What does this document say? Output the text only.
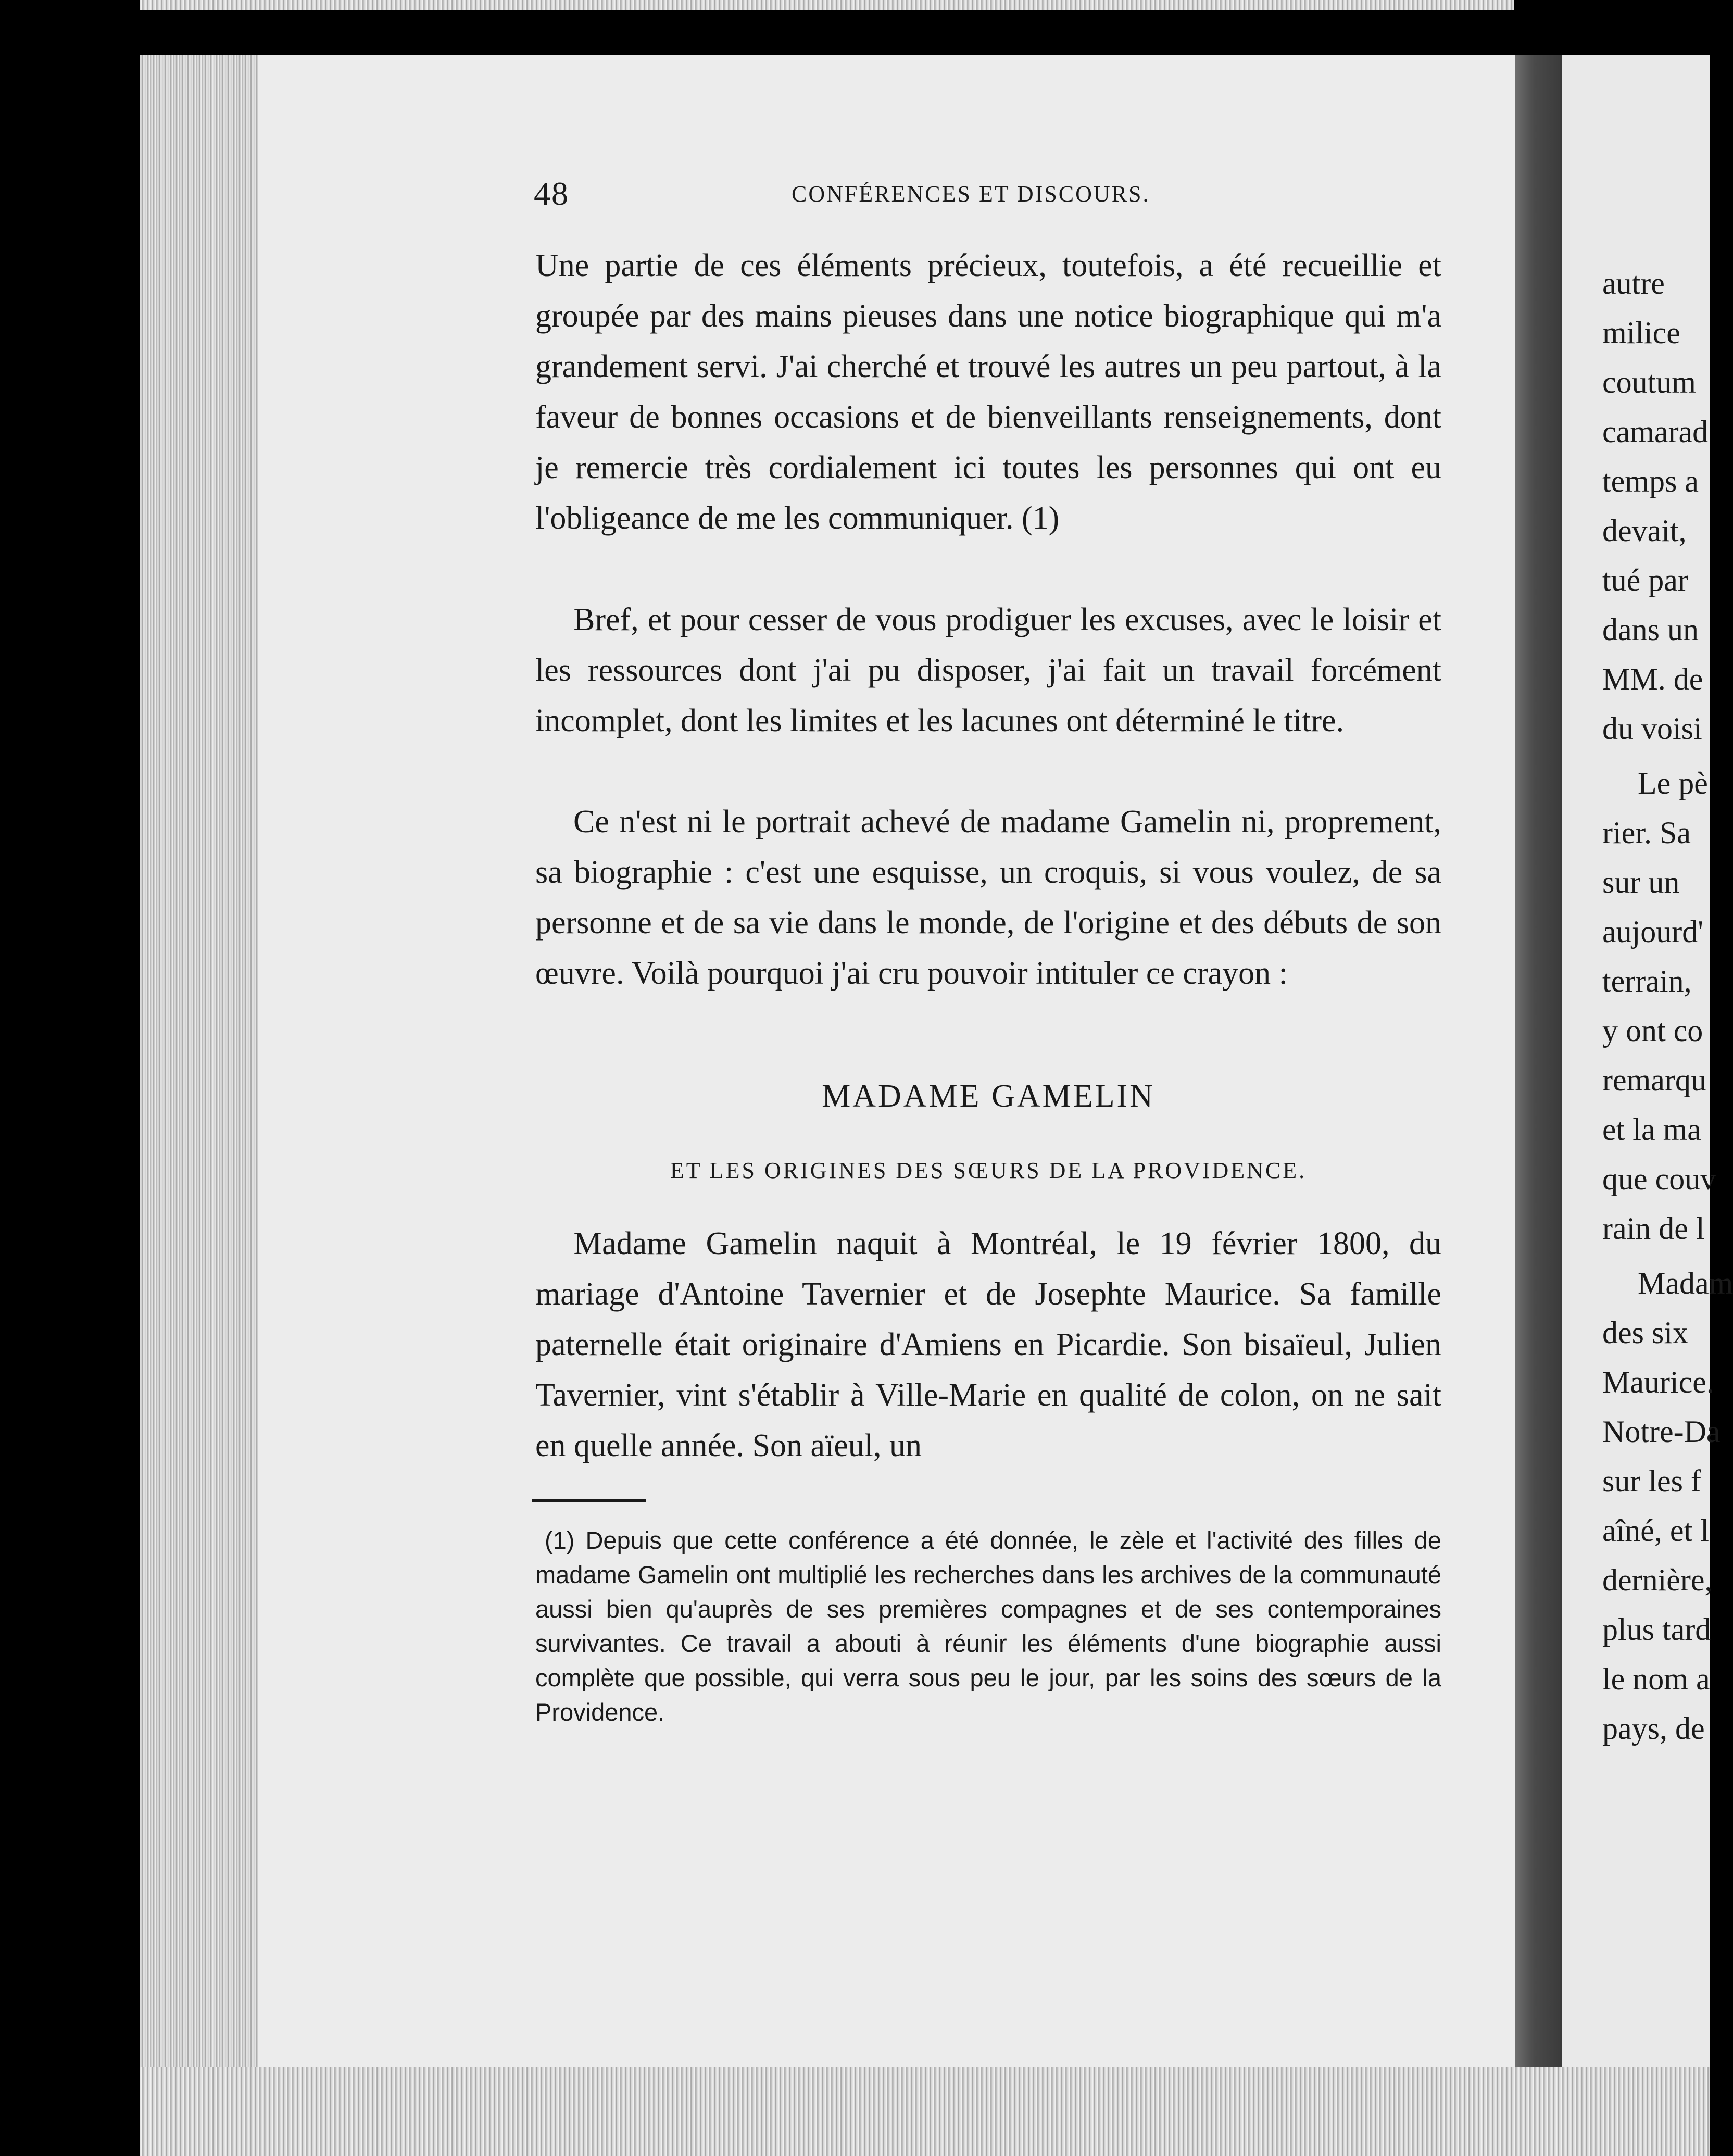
48	CONFÉRENCES ET DISCOURS.

Une partie de ces éléments précieux, toutefois, a été recueillie et groupée par des mains pieuses dans une notice biographique qui m'a grandement servi. J'ai cherché et trouvé les autres un peu partout, à la faveur de bonnes occasions et de bienveillants renseignements, dont je remercie très cordialement ici toutes les personnes qui ont eu l'obligeance de me les communiquer. (1)

Bref, et pour cesser de vous prodiguer les excuses, avec le loisir et les ressources dont j'ai pu disposer, j'ai fait un travail forcément incomplet, dont les limites et les lacunes ont déterminé le titre.

Ce n'est ni le portrait achevé de madame Gamelin ni, proprement, sa biographie : c'est une esquisse, un croquis, si vous voulez, de sa personne et de sa vie dans le monde, de l'origine et des débuts de son œuvre. Voilà pourquoi j'ai cru pouvoir intituler ce crayon :

MADAME GAMELIN
ET LES ORIGINES DES SŒURS DE LA PROVIDENCE.

Madame Gamelin naquit à Montréal, le 19 février 1800, du mariage d'Antoine Tavernier et de Josephte Maurice. Sa famille paternelle était originaire d'Amiens en Picardie. Son bisaïeul, Julien Tavernier, vint s'établir à Ville-Marie en qualité de colon, on ne sait en quelle année. Son aïeul, un

(1) Depuis que cette conférence a été donnée, le zèle et l'activité des filles de madame Gamelin ont multiplié les recherches dans les archives de la communauté aussi bien qu'auprès de ses premières compagnes et de ses contemporaines survivantes. Ce travail a abouti à réunir les éléments d'une biographie aussi complète que possible, qui verra sous peu le jour, par les soins des sœurs de la Providence.

autre
milice
coutum
camarad
temps a
devait,
tué par
dans un
MM. de
du voisi
Le pè
rier. Sa
sur un
aujourd'
terrain,
y ont co
remarqu
et la ma
que couv
rain de l
Madam
des six
Maurice.
Notre-Da
sur les f
aîné, et l
dernière,
plus tard
le nom a
pays, de
